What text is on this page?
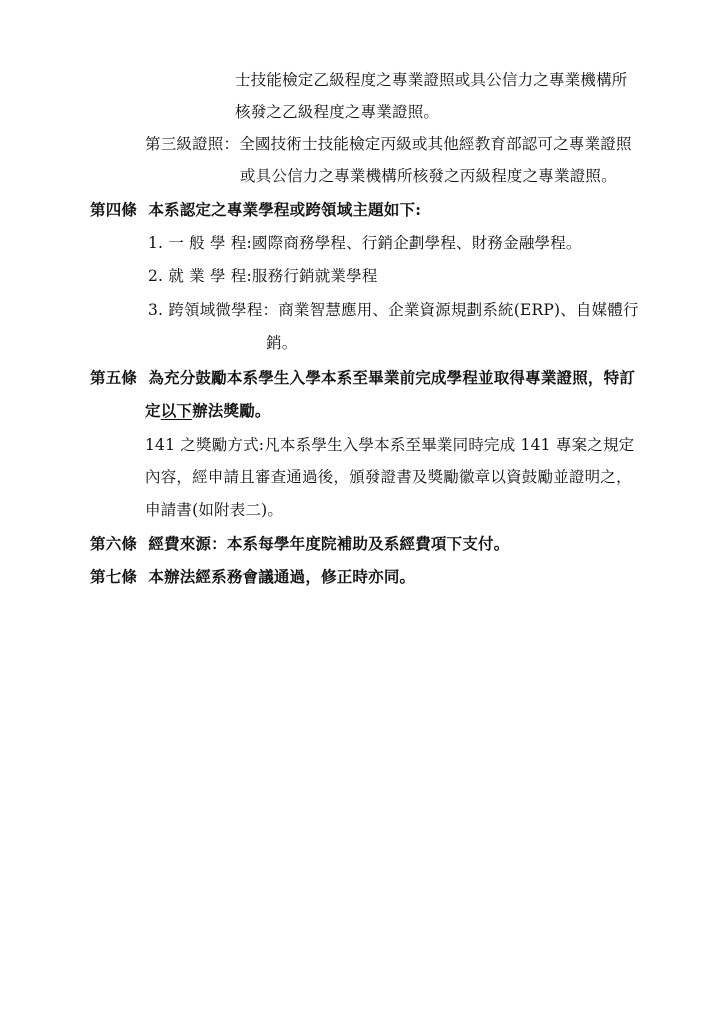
士技能檢定乙級程度之專業證照或具公信力之專業機構所
核發之乙級程度之專業證照。
第三級證照：全國技術士技能檢定丙級或其他經教育部認可之專業證照
或具公信力之專業機構所核發之丙級程度之專業證照。
第四條 本系認定之專業學程或跨領域主題如下:
1. 一 般 學 程:國際商務學程、行銷企劃學程、財務金融學程。
2. 就 業 學 程:服務行銷就業學程
3. 跨領域微學程：商業智慧應用、企業資源規劃系統(ERP)、自媒體行
銷。
第五條 為充分鼓勵本系學生入學本系至畢業前完成學程並取得專業證照，特訂
定以下辦法獎勵。
141 之獎勵方式:凡本系學生入學本系至畢業同時完成 141 專案之規定
內容，經申請且審查通過後，頒發證書及獎勵徽章以資鼓勵並證明之，
申請書(如附表二)。
第六條 經費來源：本系每學年度院補助及系經費項下支付。
第七條 本辦法經系務會議通過，修正時亦同。
